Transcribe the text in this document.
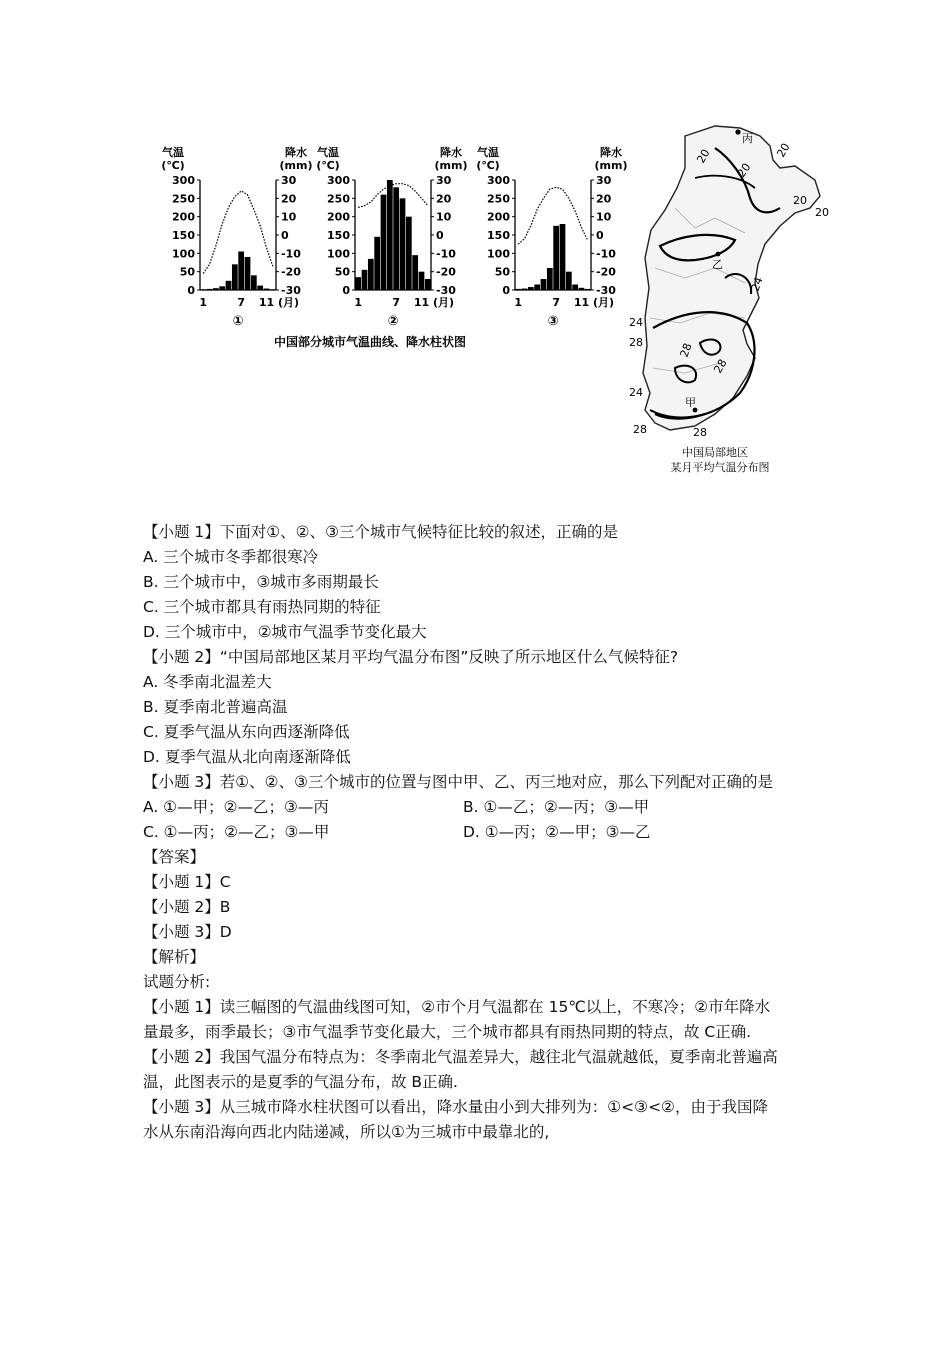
气温
(℃)
降水
(mm)
300
250
200
150
100
50
0
30
20
10
0
-10
-20
-30
1	7 11 (月)
①
气温
(℃)
降水
(mm)
300
250
200
150
100
50
0
30
20
10
0
-10
-20
-30
1	7 11 (月)
②
气温
(℃)
降水
(mm)
300
250
200
150
100
50
0
30
20
10
0
-10
-20
-30
1	7 11 (月)
③
中国部分城市气温曲线、降水柱状图
丙
乙
甲
20
20
20
20
20
24
24
24
28	28
28
28	28
中国局部地区
某月平均气温分布图
【小题 1】下面对①、②、③三个城市气候特征比较的叙述，正确的是
A. 三个城市冬季都很寒冷
B. 三个城市中，③城市多雨期最长
C. 三个城市都具有雨热同期的特征
D. 三个城市中，②城市气温季节变化最大
【小题 2】“中国局部地区某月平均气温分布图”反映了所示地区什么气候特征?
A. 冬季南北温差大
B. 夏季南北普遍高温
C. 夏季气温从东向西逐渐降低
D. 夏季气温从北向南逐渐降低
【小题 3】若①、②、③三个城市的位置与图中甲、乙、丙三地对应，那么下列配对正确的是
A. ①—甲；②—乙；③—丙	B. ①—乙；②—丙；③—甲
C. ①—丙；②—乙；③—甲	D. ①—丙；②—甲；③—乙
【答案】
【小题 1】C
【小题 2】B
【小题 3】D
【解析】
试题分析:
【小题 1】读三幅图的气温曲线图可知，②市个月气温都在 15℃以上，不寒冷；②市年降水量最多，雨季最长；③市气温季节变化最大，三个城市都具有雨热同期的特点，故 C正确.
【小题 2】我国气温分布特点为：冬季南北气温差异大，越往北气温就越低，夏季南北普遍高温，此图表示的是夏季的气温分布，故 B正确.
【小题 3】从三城市降水柱状图可以看出，降水量由小到大排列为：①<③<②，由于我国降水从东南沿海向西北内陆递减，所以①为三城市中最靠北的,
